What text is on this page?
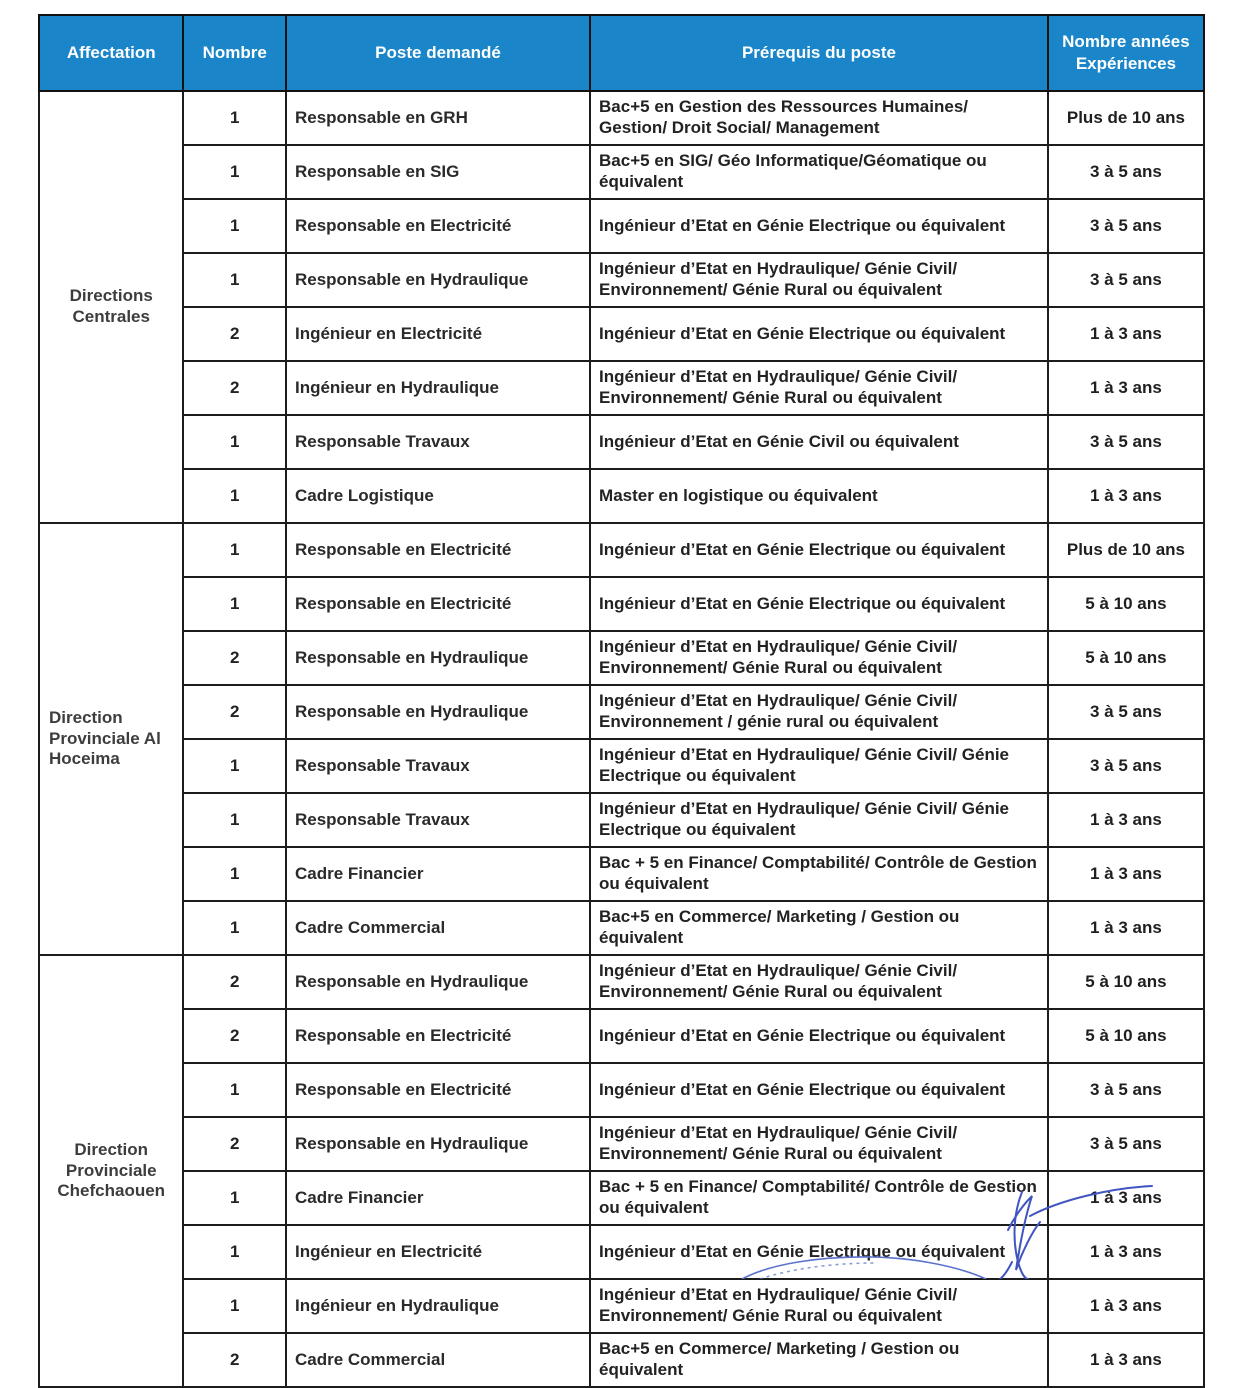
Affectation	Nombre	Poste demandé	Prérequis du poste	Nombre années Expériences
Directions Centrales	1	Responsable en GRH	Bac+5 en Gestion des Ressources Humaines/ Gestion/ Droit Social/ Management	Plus de 10 ans
	1	Responsable en SIG	Bac+5 en SIG/ Géo Informatique/Géomatique ou équivalent	3 à 5 ans
	1	Responsable en Electricité	Ingénieur d’Etat en Génie Electrique ou équivalent	3 à 5 ans
	1	Responsable en Hydraulique	Ingénieur d’Etat en Hydraulique/ Génie Civil/ Environnement/ Génie Rural ou équivalent	3 à 5 ans
	2	Ingénieur en Electricité	Ingénieur d’Etat en Génie Electrique ou équivalent	1 à 3 ans
	2	Ingénieur en Hydraulique	Ingénieur d’Etat en Hydraulique/ Génie Civil/ Environnement/ Génie Rural ou équivalent	1 à 3 ans
	1	Responsable Travaux	Ingénieur d’Etat en Génie Civil ou équivalent	3 à 5 ans
	1	Cadre Logistique	Master en logistique ou équivalent	1 à 3 ans
Direction Provinciale Al Hoceima	1	Responsable en Electricité	Ingénieur d’Etat en Génie Electrique ou équivalent	Plus de 10 ans
	1	Responsable en Electricité	Ingénieur d’Etat en Génie Electrique ou équivalent	5 à 10 ans
	2	Responsable en Hydraulique	Ingénieur d’Etat en Hydraulique/ Génie Civil/ Environnement/ Génie Rural ou équivalent	5 à 10 ans
	2	Responsable en Hydraulique	Ingénieur d’Etat en Hydraulique/ Génie Civil/ Environnement / génie rural ou équivalent	3 à 5 ans
	1	Responsable Travaux	Ingénieur d’Etat en Hydraulique/ Génie Civil/ Génie Electrique ou équivalent	3 à 5 ans
	1	Responsable Travaux	Ingénieur d’Etat en Hydraulique/ Génie Civil/ Génie Electrique ou équivalent	1 à 3 ans
	1	Cadre Financier	Bac + 5 en Finance/ Comptabilité/ Contrôle de Gestion ou équivalent	1 à 3 ans
	1	Cadre Commercial	Bac+5 en Commerce/ Marketing / Gestion ou équivalent	1 à 3 ans
Direction Provinciale Chefchaouen	2	Responsable en Hydraulique	Ingénieur d’Etat en Hydraulique/ Génie Civil/ Environnement/ Génie Rural ou équivalent	5 à 10 ans
	2	Responsable en Electricité	Ingénieur d’Etat en Génie Electrique ou équivalent	5 à 10 ans
	1	Responsable en Electricité	Ingénieur d’Etat en Génie Electrique ou équivalent	3 à 5 ans
	2	Responsable en Hydraulique	Ingénieur d’Etat en Hydraulique/ Génie Civil/ Environnement/ Génie Rural ou équivalent	3 à 5 ans
	1	Cadre Financier	Bac + 5 en Finance/ Comptabilité/ Contrôle de Gestion ou équivalent	1 à 3 ans
	1	Ingénieur en Electricité	Ingénieur d’Etat en Génie Electrique ou équivalent	1 à 3 ans
	1	Ingénieur en Hydraulique	Ingénieur d’Etat en Hydraulique/ Génie Civil/ Environnement/ Génie Rural ou équivalent	1 à 3 ans
	2	Cadre Commercial	Bac+5 en Commerce/ Marketing / Gestion ou équivalent	1 à 3 ans
